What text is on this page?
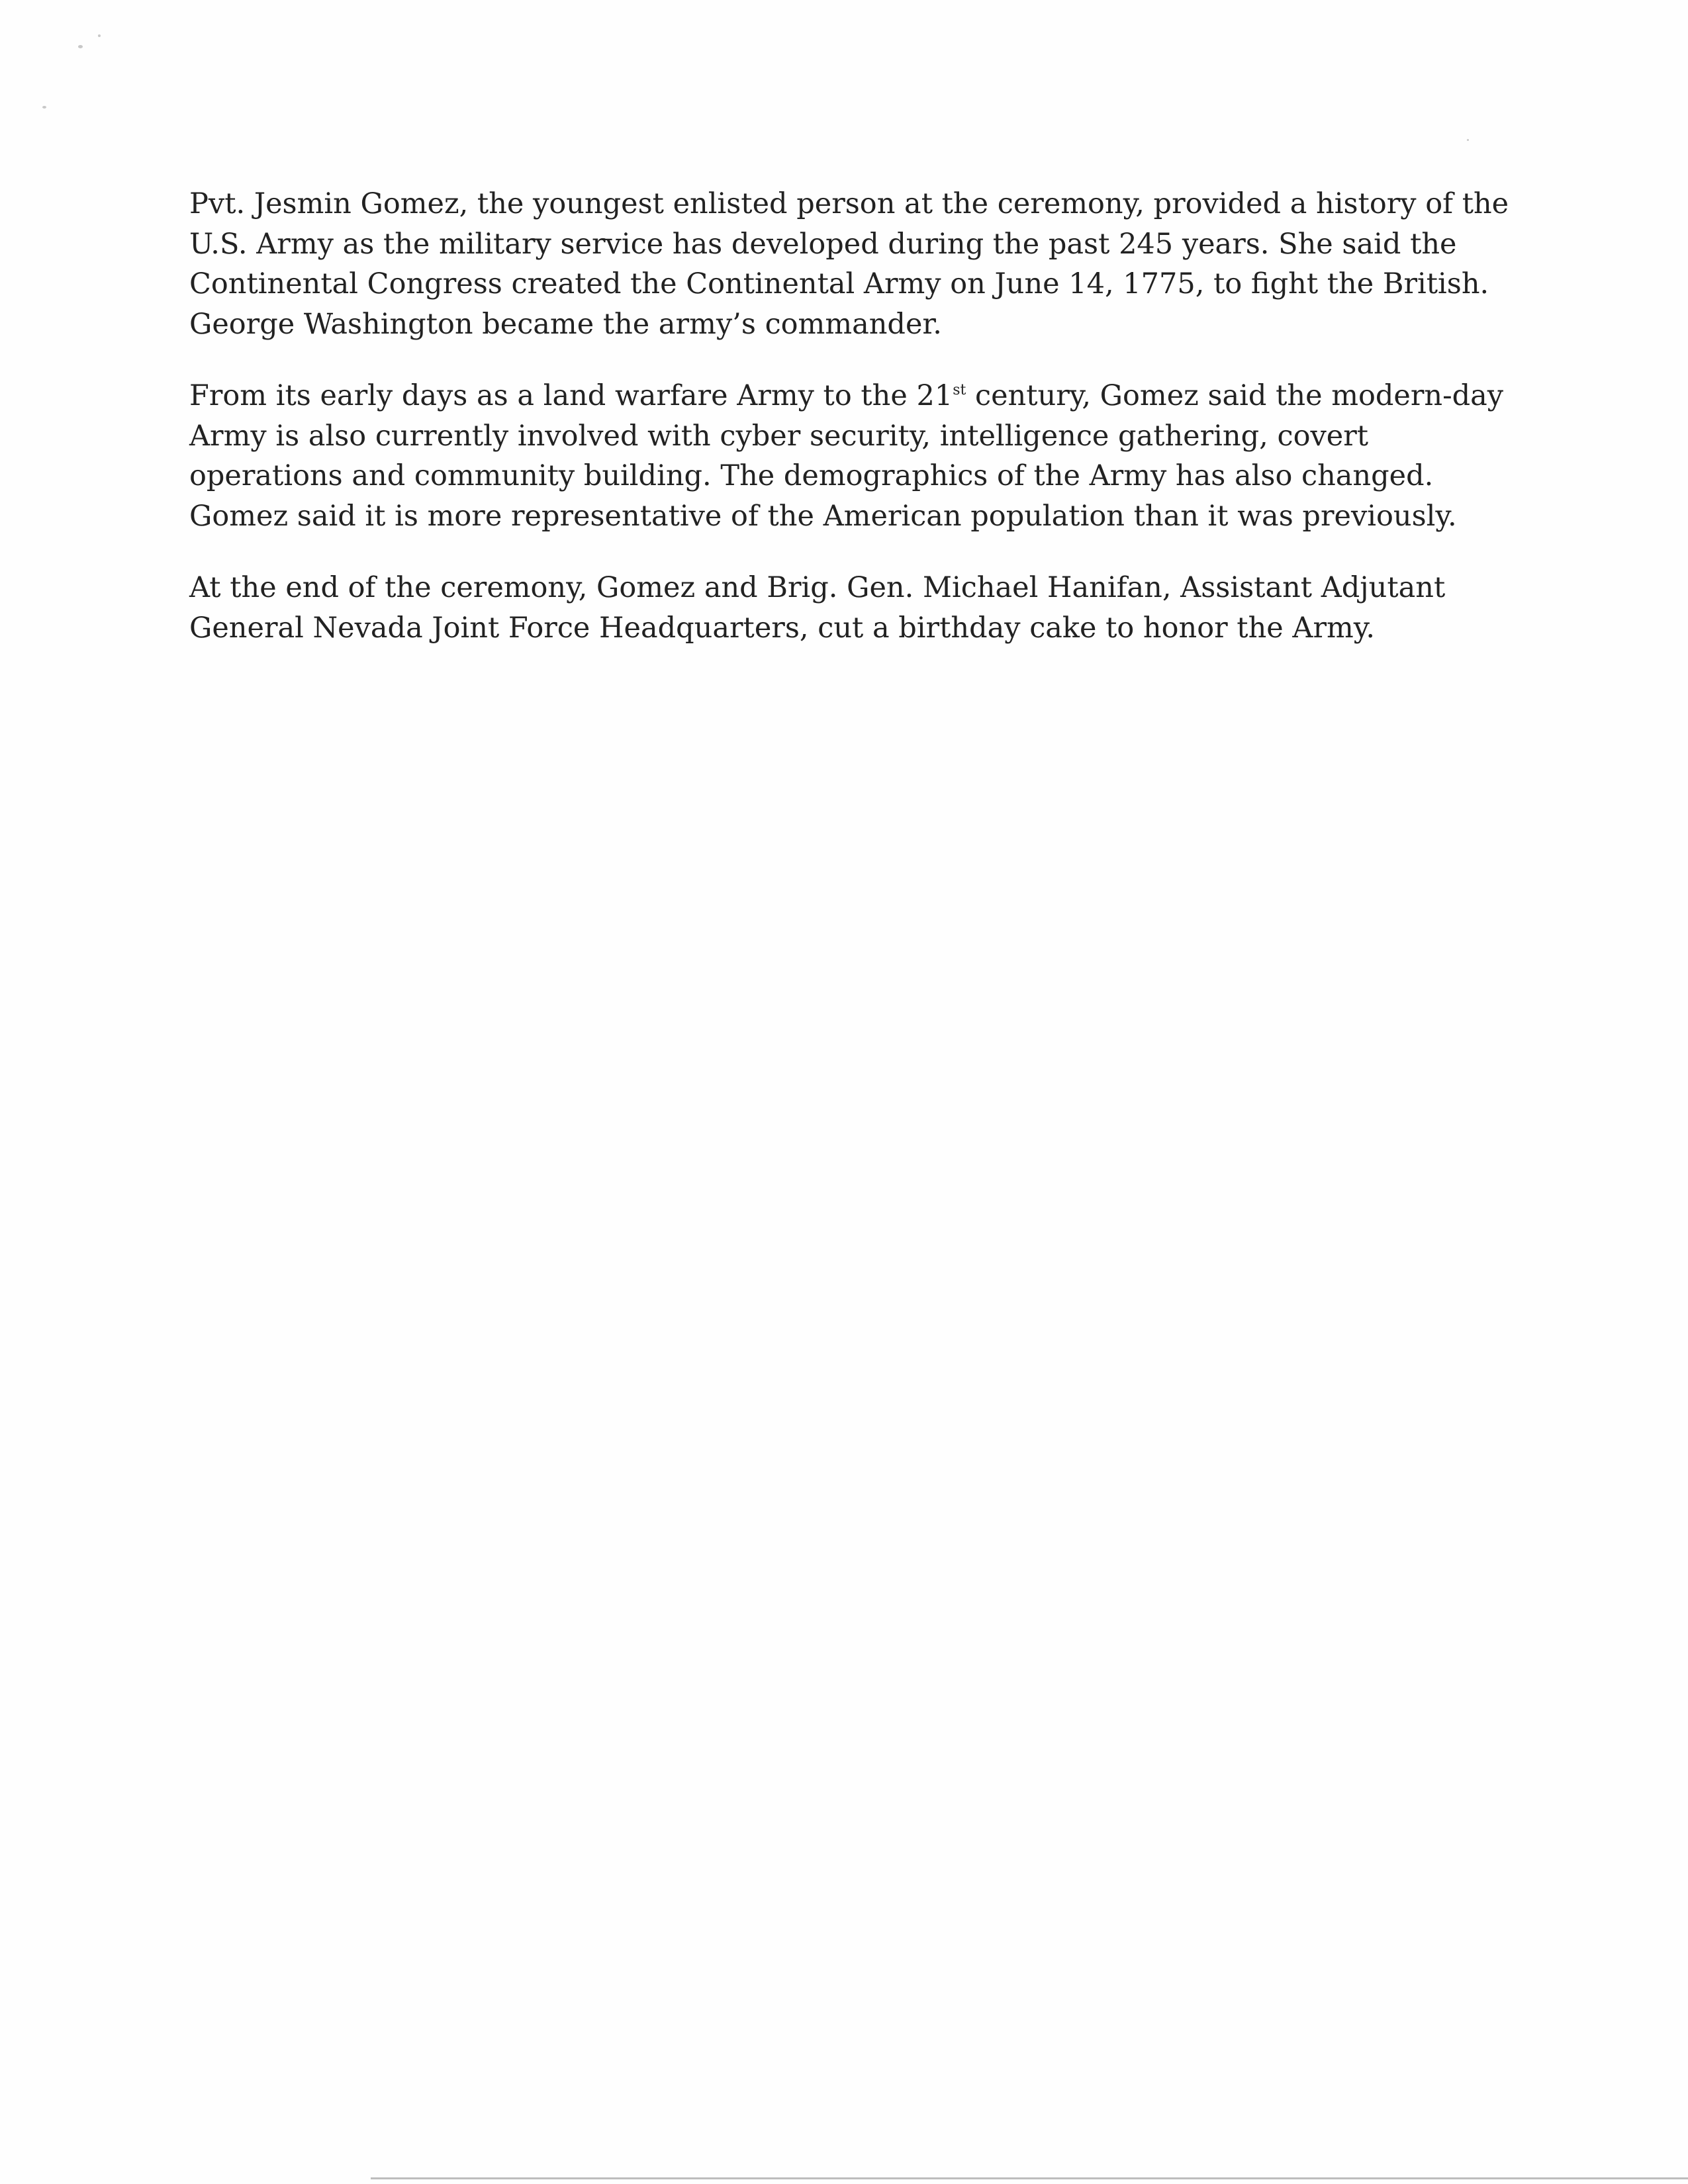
Pvt. Jesmin Gomez, the youngest enlisted person at the ceremony, provided a history of the
U.S. Army as the military service has developed during the past 245 years. She said the
Continental Congress created the Continental Army on June 14, 1775, to fight the British.
George Washington became the army’s commander.

From its early days as a land warfare Army to the 21st century, Gomez said the modern-day
Army is also currently involved with cyber security, intelligence gathering, covert
operations and community building. The demographics of the Army has also changed.
Gomez said it is more representative of the American population than it was previously.

At the end of the ceremony, Gomez and Brig. Gen. Michael Hanifan, Assistant Adjutant
General Nevada Joint Force Headquarters, cut a birthday cake to honor the Army.
